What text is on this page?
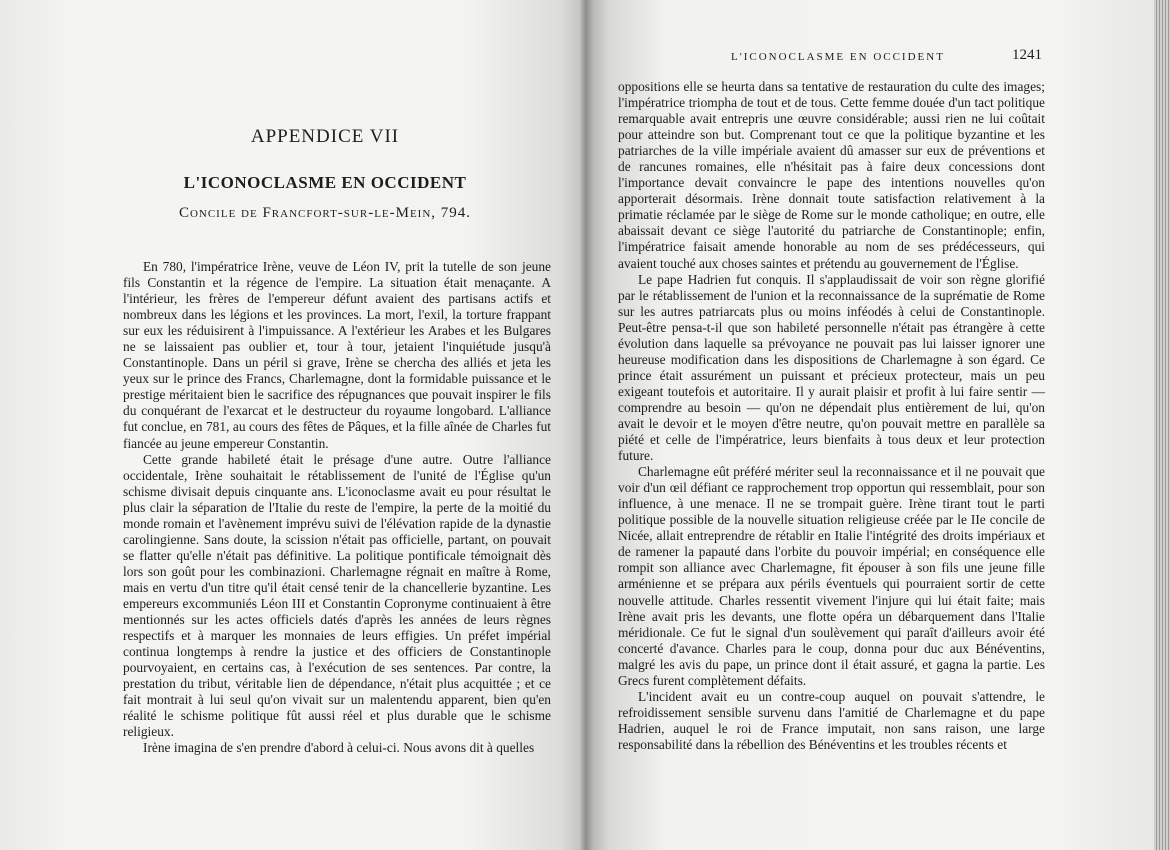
APPENDICE VII
L'ICONOCLASME EN OCCIDENT
Concile de Francfort-sur-le-Mein, 794.

En 780, l'impératrice Irène, veuve de Léon IV, prit la tutelle de son jeune fils Constantin et la régence de l'empire. La situation était menaçante. A l'intérieur, les frères de l'empereur défunt avaient des partisans actifs et nombreux dans les légions et les provinces. La mort, l'exil, la torture frappant sur eux les réduisirent à l'impuissance. A l'extérieur les Arabes et les Bulgares ne se laissaient pas oublier et, tour à tour, jetaient l'inquiétude jusqu'à Constantinople. Dans un péril si grave, Irène se chercha des alliés et jeta les yeux sur le prince des Francs, Charlemagne, dont la formidable puissance et le prestige méritaient bien le sacrifice des répugnances que pouvait inspirer le fils du conquérant de l'exarcat et le destructeur du royaume longobard. L'alliance fut conclue, en 781, au cours des fêtes de Pâques, et la fille aînée de Charles fut fiancée au jeune empereur Constantin.

Cette grande habileté était le présage d'une autre. Outre l'alliance occidentale, Irène souhaitait le rétablissement de l'unité de l'Église qu'un schisme divisait depuis cinquante ans. L'iconoclasme avait eu pour résultat le plus clair la séparation de l'Italie du reste de l'empire, la perte de la moitié du monde romain et l'avènement imprévu suivi de l'élévation rapide de la dynastie carolingienne. Sans doute, la scission n'était pas officielle, partant, on pouvait se flatter qu'elle n'était pas définitive. La politique pontificale témoignait dès lors son goût pour les combinazioni. Charlemagne régnait en maître à Rome, mais en vertu d'un titre qu'il était censé tenir de la chancellerie byzantine. Les empereurs excommuniés Léon III et Constantin Copronyme continuaient à être mentionnés sur les actes officiels datés d'après les années de leurs règnes respectifs et à marquer les monnaies de leurs effigies. Un préfet impérial continua longtemps à rendre la justice et des officiers de Constantinople pourvoyaient, en certains cas, à l'exécution de ses sentences. Par contre, la prestation du tribut, véritable lien de dépendance, n'était plus acquittée ; et ce fait montrait à lui seul qu'on vivait sur un malentendu apparent, bien qu'en réalité le schisme politique fût aussi réel et plus durable que le schisme religieux.

Irène imagina de s'en prendre d'abord à celui-ci. Nous avons dit à quelles

L'ICONOCLASME EN OCCIDENT	1241

oppositions elle se heurta dans sa tentative de restauration du culte des images; l'impératrice triompha de tout et de tous. Cette femme douée d'un tact politique remarquable avait entrepris une œuvre considérable; aussi rien ne lui coûtait pour atteindre son but. Comprenant tout ce que la politique byzantine et les patriarches de la ville impériale avaient dû amasser sur eux de préventions et de rancunes romaines, elle n'hésitait pas à faire deux concessions dont l'importance devait convaincre le pape des intentions nouvelles qu'on apporterait désormais. Irène donnait toute satisfaction relativement à la primatie réclamée par le siège de Rome sur le monde catholique; en outre, elle abaissait devant ce siège l'autorité du patriarche de Constantinople; enfin, l'impératrice faisait amende honorable au nom de ses prédécesseurs, qui avaient touché aux choses saintes et prétendu au gouvernement de l'Église.

Le pape Hadrien fut conquis. Il s'applaudissait de voir son règne glorifié par le rétablissement de l'union et la reconnaissance de la suprématie de Rome sur les autres patriarcats plus ou moins inféodés à celui de Constantinople. Peut-être pensa-t-il que son habileté personnelle n'était pas étrangère à cette évolution dans laquelle sa prévoyance ne pouvait pas lui laisser ignorer une heureuse modification dans les dispositions de Charlemagne à son égard. Ce prince était assurément un puissant et précieux protecteur, mais un peu exigeant toutefois et autoritaire. Il y aurait plaisir et profit à lui faire sentir — comprendre au besoin — qu'on ne dépendait plus entièrement de lui, qu'on avait le devoir et le moyen d'être neutre, qu'on pouvait mettre en parallèle sa piété et celle de l'impératrice, leurs bienfaits à tous deux et leur protection future.

Charlemagne eût préféré mériter seul la reconnaissance et il ne pouvait que voir d'un œil défiant ce rapprochement trop opportun qui ressemblait, pour son influence, à une menace. Il ne se trompait guère. Irène tirant tout le parti politique possible de la nouvelle situation religieuse créée par le IIe concile de Nicée, allait entreprendre de rétablir en Italie l'intégrité des droits impériaux et de ramener la papauté dans l'orbite du pouvoir impérial; en conséquence elle rompit son alliance avec Charlemagne, fit épouser à son fils une jeune fille arménienne et se prépara aux périls éventuels qui pourraient sortir de cette nouvelle attitude. Charles ressentit vivement l'injure qui lui était faite; mais Irène avait pris les devants, une flotte opéra un débarquement dans l'Italie méridionale. Ce fut le signal d'un soulèvement qui paraît d'ailleurs avoir été concerté d'avance. Charles para le coup, donna pour duc aux Bénéventins, malgré les avis du pape, un prince dont il était assuré, et gagna la partie. Les Grecs furent complètement défaits.

L'incident avait eu un contre-coup auquel on pouvait s'attendre, le refroidissement sensible survenu dans l'amitié de Charlemagne et du pape Hadrien, auquel le roi de France imputait, non sans raison, une large responsabilité dans la rébellion des Bénéventins et les troubles récents et
